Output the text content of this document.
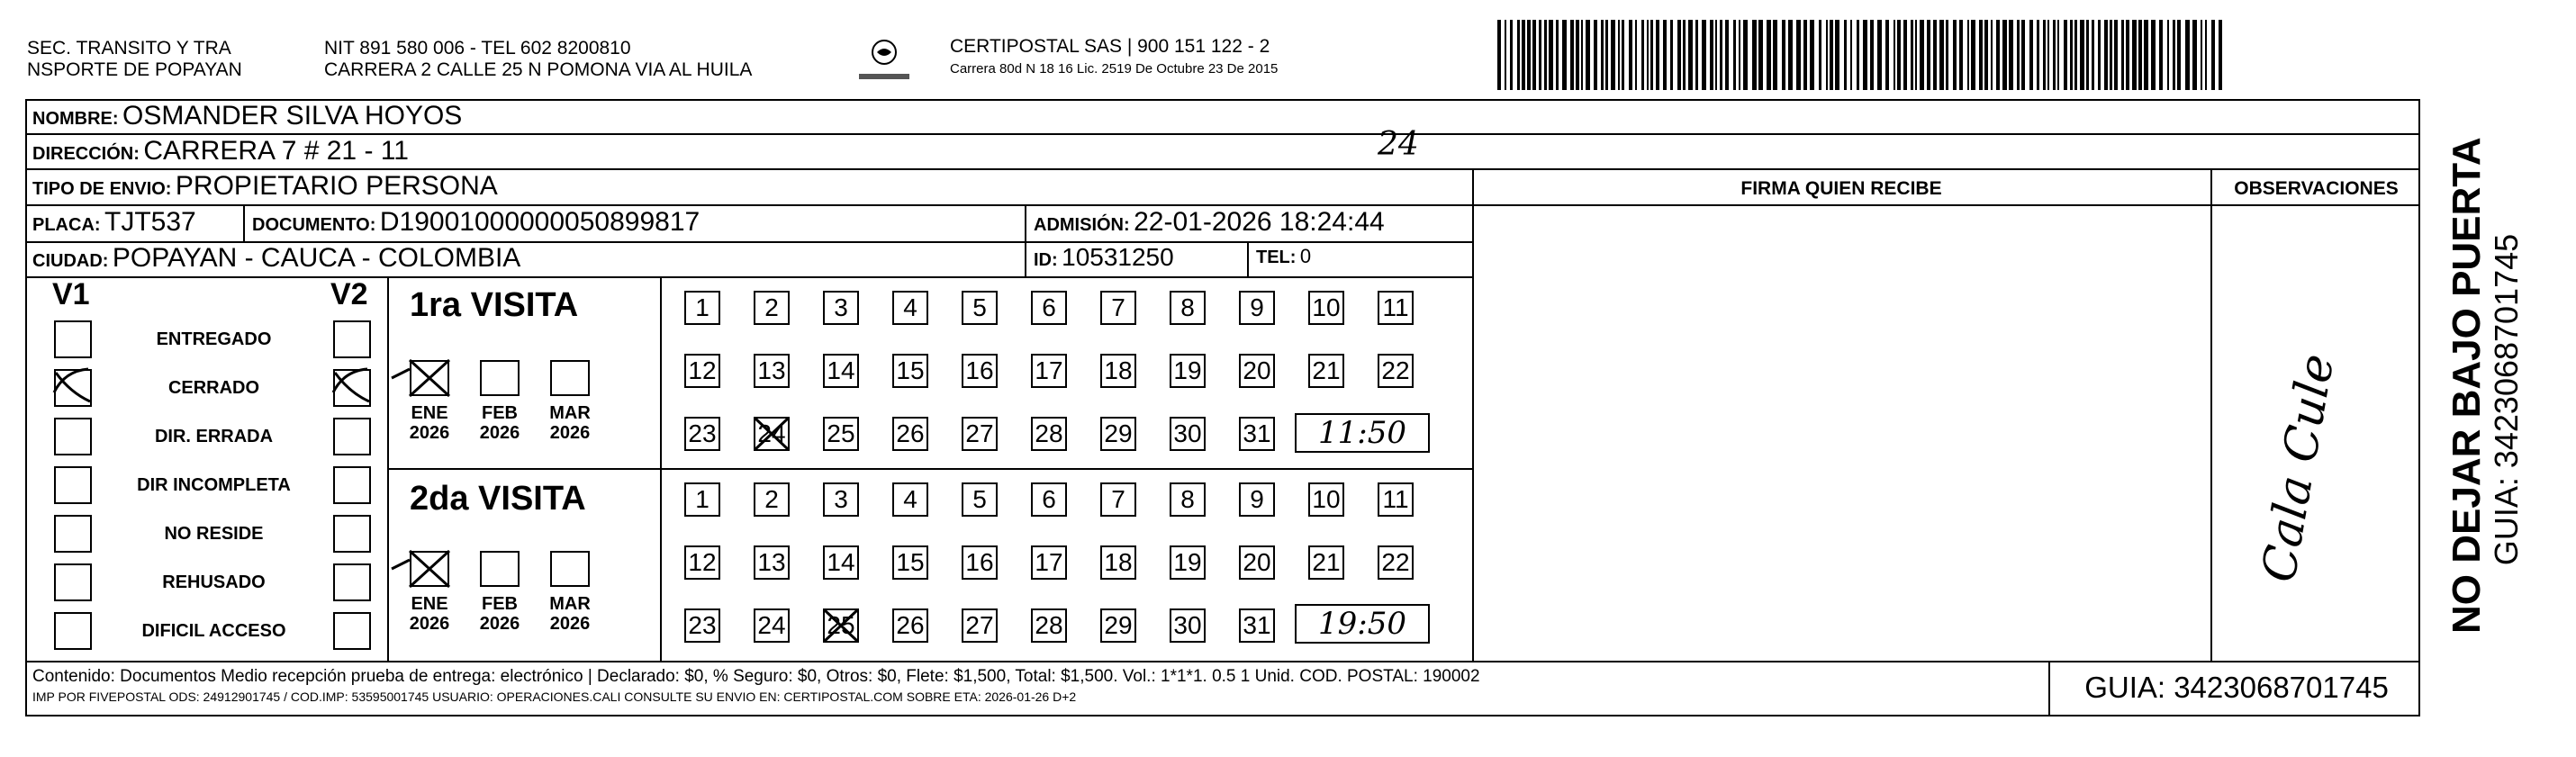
SEC. TRANSITO Y TRA
NSPORTE DE POPAYAN
NIT 891 580 006 - TEL 602 8200810
CARRERA 2 CALLE 25 N POMONA VIA AL HUILA
CERTIPOSTAL SAS | 900 151 122 - 2
Carrera 80d N 18 16 Lic. 2519 De Octubre 23 De 2015
NOMBRE: OSMANDER SILVA HOYOS
DIRECCIÓN: CARRERA 7 # 21 - 11	24
TIPO DE ENVIO: PROPIETARIO PERSONA	FIRMA QUIEN RECIBE	OBSERVACIONES
PLACA: TJT537	DOCUMENTO: D19001000000050899817	ADMISIÓN: 22-01-2026 18:24:44
CIUDAD: POPAYAN - CAUCA - COLOMBIA	ID: 10531250	TEL: 0
V1	V2
ENTREGADO
CERRADO
DIR. ERRADA
DIR INCOMPLETA
NO RESIDE
REHUSADO
DIFICIL ACCESO
1ra VISITA
2da VISITA
ENE
2026
FEB
2026
MAR
2026
ENE
2026
FEB
2026
MAR
2026
1	2	3	4	5	6	7	8	9	10 11
12 13 14 15 16 17 18 19 20 21 22
23 24 25 26 27 28 29 30 31
1	2	3	4	5	6	7	8	9	10 11
12 13 14 15 16 17 18 19 20 21 22
23 24 25 26 27 28 29 30 31
11:50
19:50
Cala Cule	NO DEJAR BAJO PUERTA GUIA: 3423068701745
Contenido: Documentos Medio recepción prueba de entrega: electrónico | Declarado: $0, % Seguro: $0, Otros: $0, Flete: $1,500, Total: $1,500. Vol.: 1*1*1. 0.5 1 Unid. COD. POSTAL: 190002
IMP POR FIVEPOSTAL ODS: 24912901745 / COD.IMP: 53595001745 USUARIO: OPERACIONES.CALI CONSULTE SU ENVIO EN: CERTIPOSTAL.COM SOBRE ETA: 2026-01-26 D+2	GUIA: 3423068701745
